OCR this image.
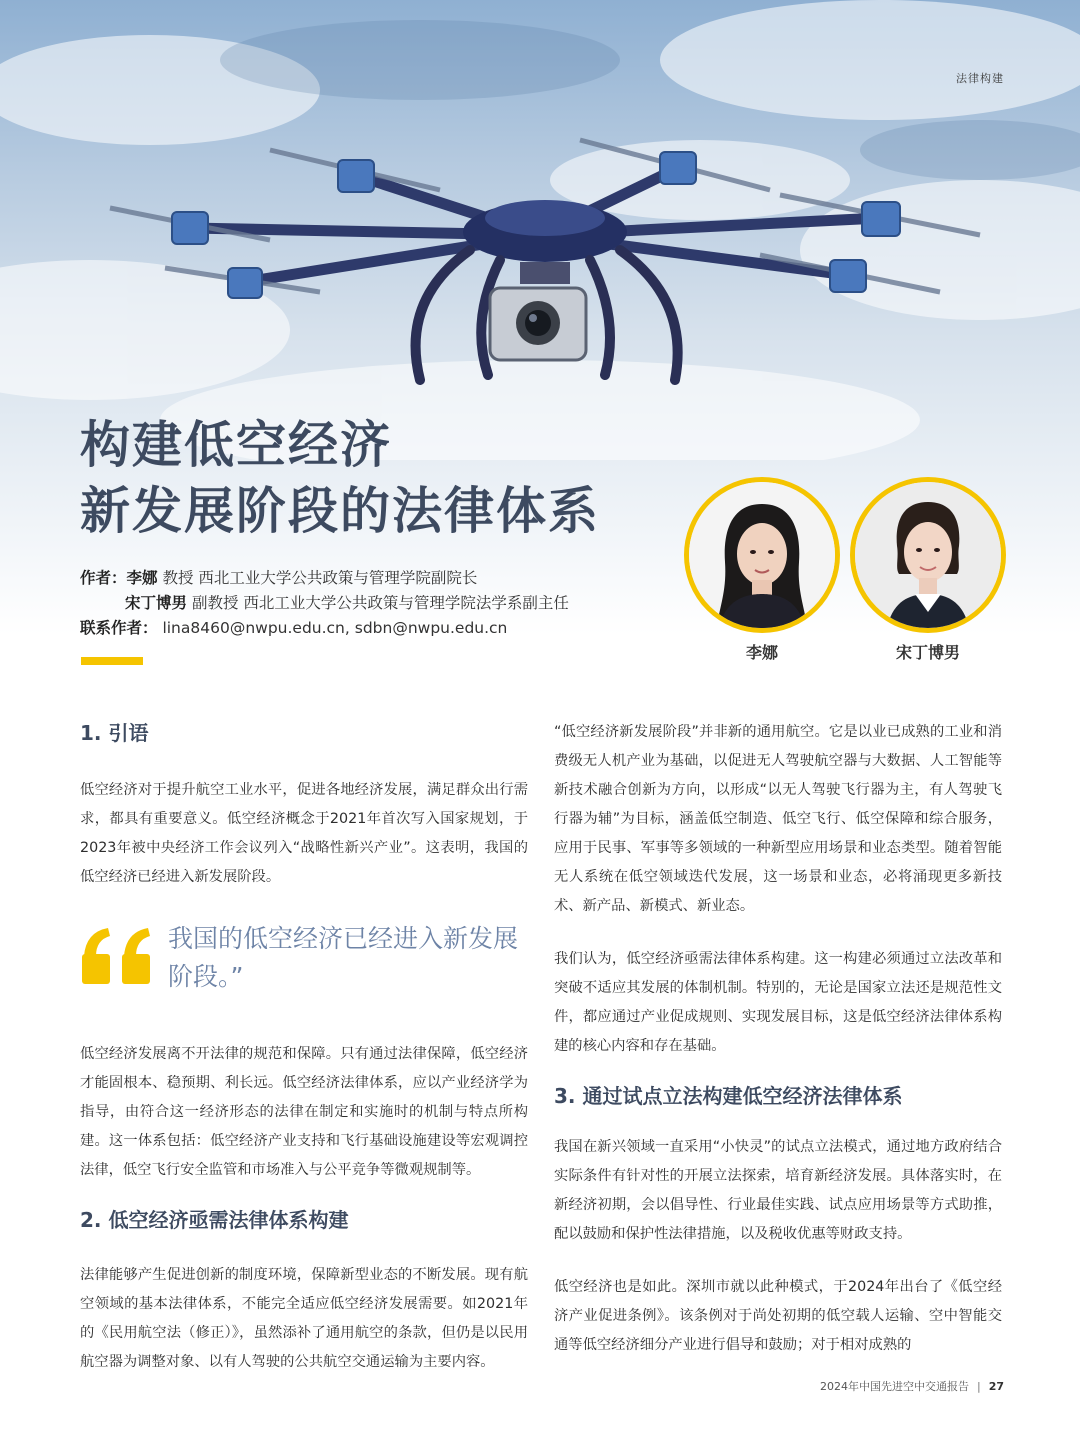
法律构建
构建低空经济
新发展阶段的法律体系
作者：李娜 教授 西北工业大学公共政策与管理学院副院长
宋丁博男 副教授 西北工业大学公共政策与管理学院法学系副主任
联系作者： lina8460@nwpu.edu.cn, sdbn@nwpu.edu.cn
李娜	宋丁博男
1. 引语

低空经济对于提升航空工业水平，促进各地经济发展，满足群众出行需求，都具有重要意义。低空经济概念于2021年首次写入国家规划，于2023年被中央经济工作会议列入“战略性新兴产业”。这表明，我国的低空经济已经进入新发展阶段。

我国的低空经济已经进入新发展阶段。”

低空经济发展离不开法律的规范和保障。只有通过法律保障，低空经济才能固根本、稳预期、利长远。低空经济法律体系，应以产业经济学为指导，由符合这一经济形态的法律在制定和实施时的机制与特点所构建。这一体系包括：低空经济产业支持和飞行基础设施建设等宏观调控法律，低空飞行安全监管和市场准入与公平竞争等微观规制等。

2. 低空经济亟需法律体系构建

法律能够产生促进创新的制度环境，保障新型业态的不断发展。现有航空领域的基本法律体系，不能完全适应低空经济发展需要。如2021年的《民用航空法（修正）》，虽然添补了通用航空的条款，但仍是以民用航空器为调整对象、以有人驾驶的公共航空交通运输为主要内容。

“低空经济新发展阶段”并非新的通用航空。它是以业已成熟的工业和消费级无人机产业为基础，以促进无人驾驶航空器与大数据、人工智能等新技术融合创新为方向，以形成“以无人驾驶飞行器为主，有人驾驶飞行器为辅”为目标，涵盖低空制造、低空飞行、低空保障和综合服务，应用于民事、军事等多领域的一种新型应用场景和业态类型。随着智能无人系统在低空领域迭代发展，这一场景和业态，必将涌现更多新技术、新产品、新模式、新业态。

我们认为，低空经济亟需法律体系构建。这一构建必须通过立法改革和突破不适应其发展的体制机制。特别的，无论是国家立法还是规范性文件，都应通过产业促成规则、实现发展目标，这是低空经济法律体系构建的核心内容和存在基础。

3. 通过试点立法构建低空经济法律体系

我国在新兴领域一直采用“小快灵”的试点立法模式，通过地方政府结合实际条件有针对性的开展立法探索，培育新经济发展。具体落实时，在新经济初期，会以倡导性、行业最佳实践、试点应用场景等方式助推，配以鼓励和保护性法律措施，以及税收优惠等财政支持。

低空经济也是如此。深圳市就以此种模式，于2024年出台了《低空经济产业促进条例》。该条例对于尚处初期的低空载人运输、空中智能交通等低空经济细分产业进行倡导和鼓励；对于相对成熟的

2024年中国先进空中交通报告 | 27
